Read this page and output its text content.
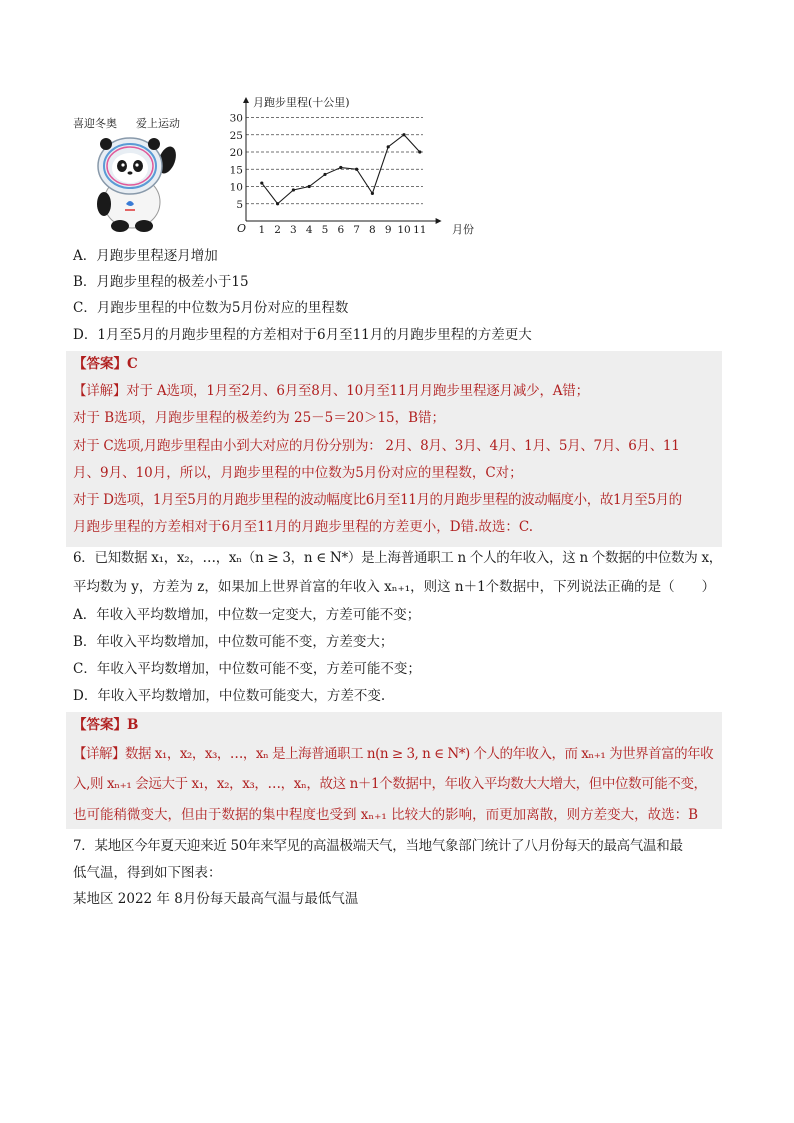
喜迎冬奥 爱上运动
5
10
15
20
25
30
1 2 3 4 5 6 7 8 9 10 11
月跑步里程(十公里)
月份
O
A．月跑步里程逐月增加
B．月跑步里程的极差小于15
C．月跑步里程的中位数为5月份对应的里程数
D．1月至5月的月跑步里程的方差相对于6月至11月的月跑步里程的方差更大
【答案】C
【详解】对于 A选项，1月至2月、6月至8月、10月至11月月跑步里程逐月减少，A错；
对于 B选项，月跑步里程的极差约为 25－5＝20＞15，B错；
对于 C选项,月跑步里程由小到大对应的月份分别为： 2月、8月、3月、4月、1月、5月、7月、6月、11
月、9月、10月，所以，月跑步里程的中位数为5月份对应的里程数，C对；
对于 D选项，1月至5月的月跑步里程的波动幅度比6月至11月的月跑步里程的波动幅度小，故1月至5月的
月跑步里程的方差相对于6月至11月的月跑步里程的方差更小，D错.故选：C.
6．已知数据 x₁，x₂，…，xₙ（n ≥ 3，n ∈ N*）是上海普通职工 n 个人的年收入，这 n 个数据的中位数为 x，
平均数为 y，方差为 z，如果加上世界首富的年收入 xₙ₊₁，则这 n＋1个数据中，下列说法正确的是（　　）
A．年收入平均数增加，中位数一定变大，方差可能不变；
B．年收入平均数增加，中位数可能不变，方差变大；
C．年收入平均数增加，中位数可能不变，方差可能不变；
D．年收入平均数增加，中位数可能变大，方差不变.
【答案】B
【详解】数据 x₁，x₂，x₃，…，xₙ 是上海普通职工 n(n ≥ 3, n ∈ N*) 个人的年收入，而 xₙ₊₁ 为世界首富的年收
入,则 xₙ₊₁ 会远大于 x₁，x₂，x₃，…，xₙ，故这 n＋1个数据中，年收入平均数大大增大，但中位数可能不变，
也可能稍微变大，但由于数据的集中程度也受到 xₙ₊₁ 比较大的影响，而更加离散，则方差变大，故选：B
7．某地区今年夏天迎来近 50年来罕见的高温极端天气，当地气象部门统计了八月份每天的最高气温和最
低气温，得到如下图表：
某地区 2022 年 8月份每天最高气温与最低气温
